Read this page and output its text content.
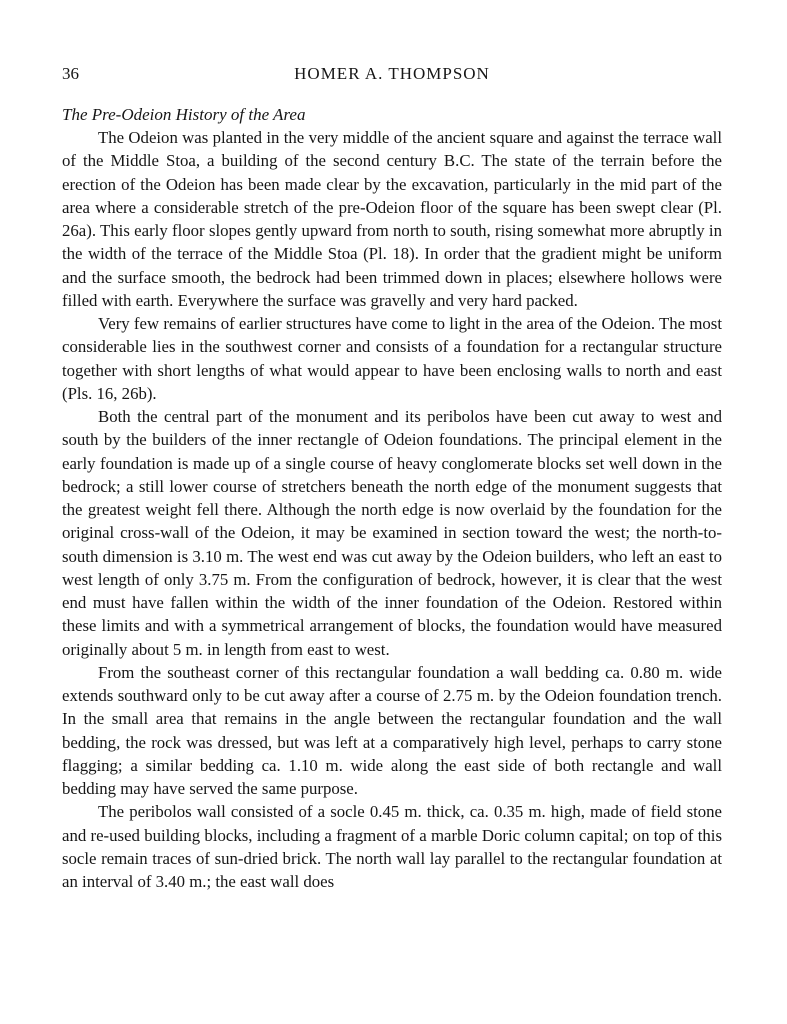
36	HOMER A. THOMPSON
The Pre-Odeion History of the Area

The Odeion was planted in the very middle of the ancient square and against the terrace wall of the Middle Stoa, a building of the second century B.C. The state of the terrain before the erection of the Odeion has been made clear by the excavation, particularly in the mid part of the area where a considerable stretch of the pre-Odeion floor of the square has been swept clear (Pl. 26a). This early floor slopes gently upward from north to south, rising somewhat more abruptly in the width of the terrace of the Middle Stoa (Pl. 18). In order that the gradient might be uniform and the surface smooth, the bedrock had been trimmed down in places; elsewhere hollows were filled with earth. Everywhere the surface was gravelly and very hard packed.

Very few remains of earlier structures have come to light in the area of the Odeion. The most considerable lies in the southwest corner and consists of a foundation for a rectangular structure together with short lengths of what would appear to have been enclosing walls to north and east (Pls. 16, 26b).

Both the central part of the monument and its peribolos have been cut away to west and south by the builders of the inner rectangle of Odeion foundations. The principal element in the early foundation is made up of a single course of heavy conglomerate blocks set well down in the bedrock; a still lower course of stretchers beneath the north edge of the monument suggests that the greatest weight fell there. Although the north edge is now overlaid by the foundation for the original cross-wall of the Odeion, it may be examined in section toward the west; the north-to-south dimension is 3.10 m. The west end was cut away by the Odeion builders, who left an east to west length of only 3.75 m. From the configuration of bedrock, however, it is clear that the west end must have fallen within the width of the inner foundation of the Odeion. Restored within these limits and with a symmetrical arrangement of blocks, the foundation would have measured originally about 5 m. in length from east to west.

From the southeast corner of this rectangular foundation a wall bedding ca. 0.80 m. wide extends southward only to be cut away after a course of 2.75 m. by the Odeion foundation trench. In the small area that remains in the angle between the rectangular foundation and the wall bedding, the rock was dressed, but was left at a comparatively high level, perhaps to carry stone flagging; a similar bedding ca. 1.10 m. wide along the east side of both rectangle and wall bedding may have served the same purpose.

The peribolos wall consisted of a socle 0.45 m. thick, ca. 0.35 m. high, made of field stone and re-used building blocks, including a fragment of a marble Doric column capital; on top of this socle remain traces of sun-dried brick. The north wall lay parallel to the rectangular foundation at an interval of 3.40 m.; the east wall does
